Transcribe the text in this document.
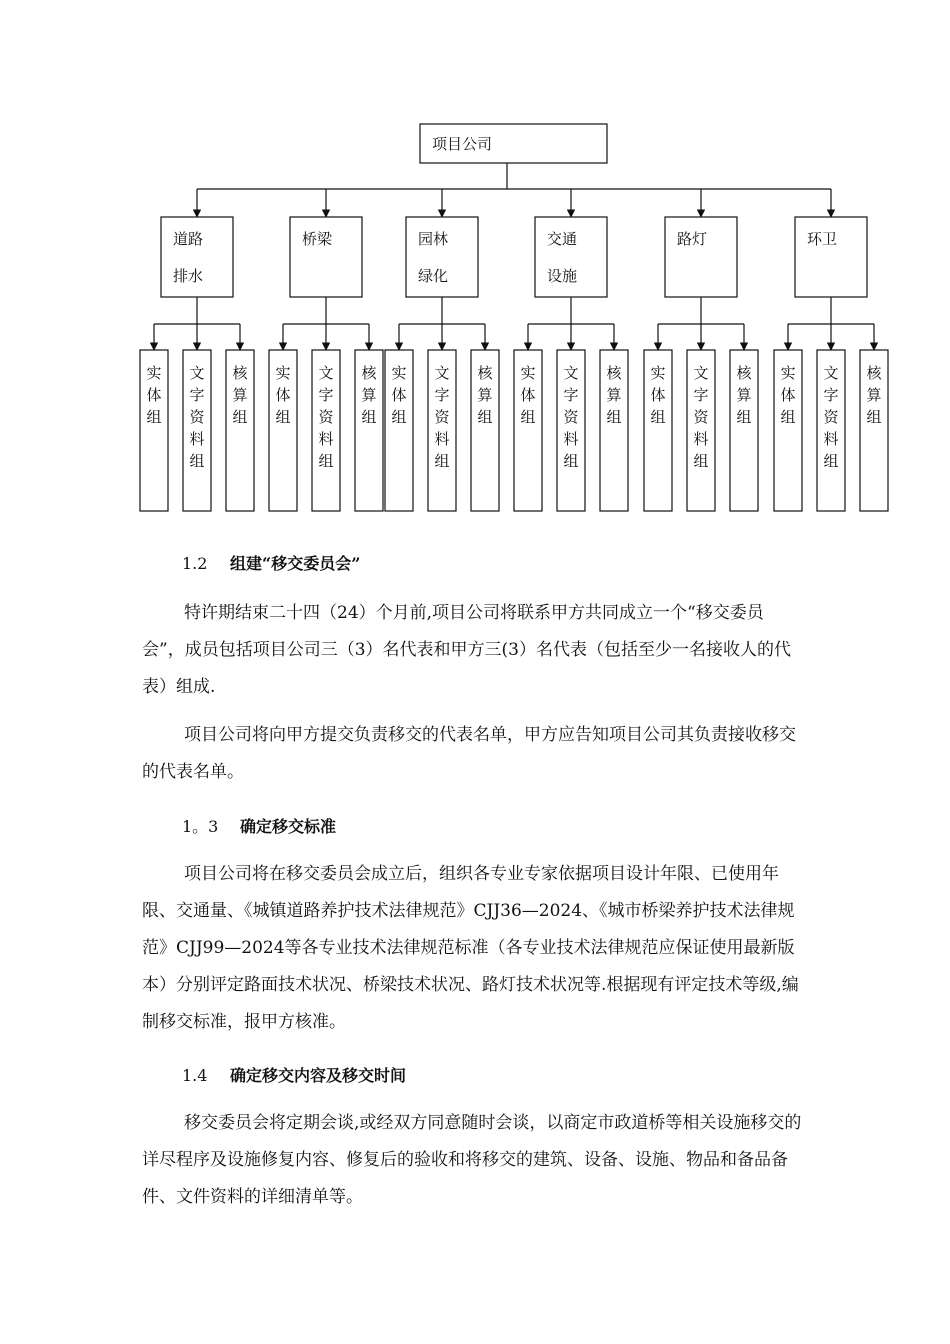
项目公司
道路
排水
实体组
文字资料组
核算组
桥梁
实体组
文字资料组
核算组
园林
绿化
实体组
文字资料组
核算组
交通
设施
实体组
文字资料组
核算组
路灯
实体组
文字资料组
核算组
环卫
实体组
文字资料组
核算组
1.2 组建“移交委员会”

特许期结束二十四（24）个月前,项目公司将联系甲方共同成立一个“移交委员会”，成员包括项目公司三（3）名代表和甲方三(3）名代表（包括至少一名接收人的代表）组成.

项目公司将向甲方提交负责移交的代表名单，甲方应告知项目公司其负责接收移交的代表名单。

1。3 确定移交标准

项目公司将在移交委员会成立后，组织各专业专家依据项目设计年限、已使用年限、交通量、《城镇道路养护技术法律规范》CJJ36—2024、《城市桥梁养护技术法律规范》CJJ99—2024等各专业技术法律规范标准（各专业技术法律规范应保证使用最新版本）分别评定路面技术状况、桥梁技术状况、路灯技术状况等.根据现有评定技术等级,编制移交标准，报甲方核准。

1.4 确定移交内容及移交时间

移交委员会将定期会谈,或经双方同意随时会谈，以商定市政道桥等相关设施移交的详尽程序及设施修复内容、修复后的验收和将移交的建筑、设备、设施、物品和备品备件、文件资料的详细清单等。
